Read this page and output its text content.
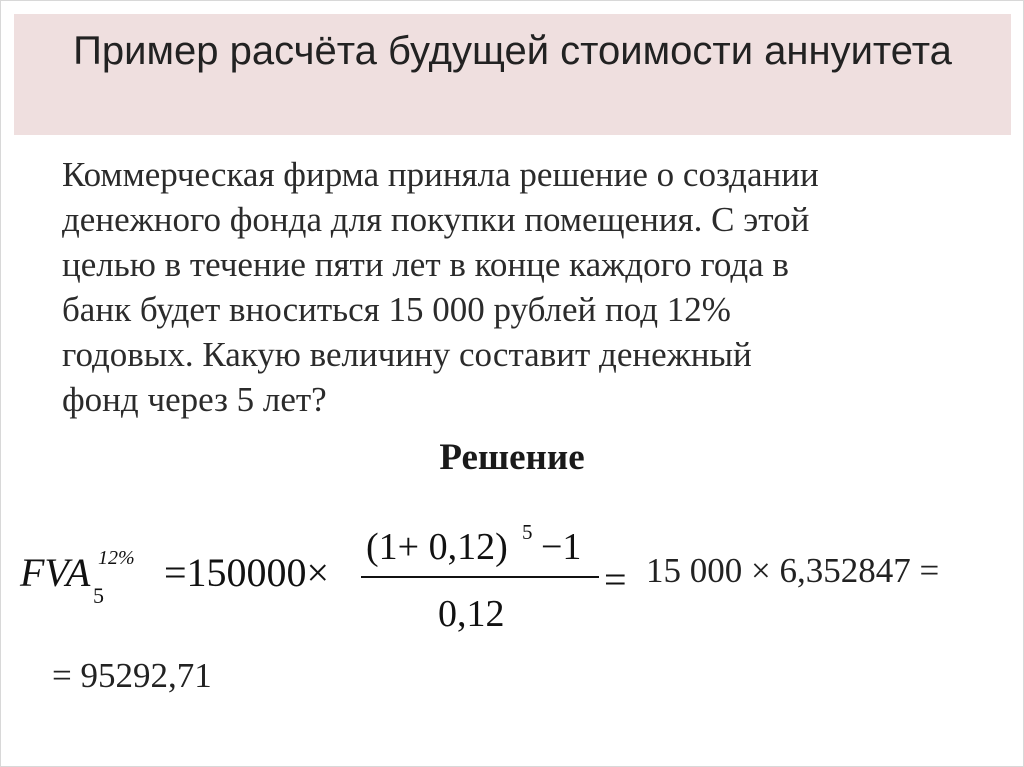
Пример расчёта будущей стоимости аннуитета
Коммерческая фирма приняла решение о создании
денежного фонда для покупки помещения. С этой
целью в течение пяти лет в конце каждого года в
банк будет вноситься 15 000 рублей под 12%
годовых. Какую величину составит денежный
фонд через 5 лет?
Решение
FVA
5
12% =150000×
(1+ 0,12) 5 −1
0,12
= 15 000 × 6,352847 =
= 95292,71
